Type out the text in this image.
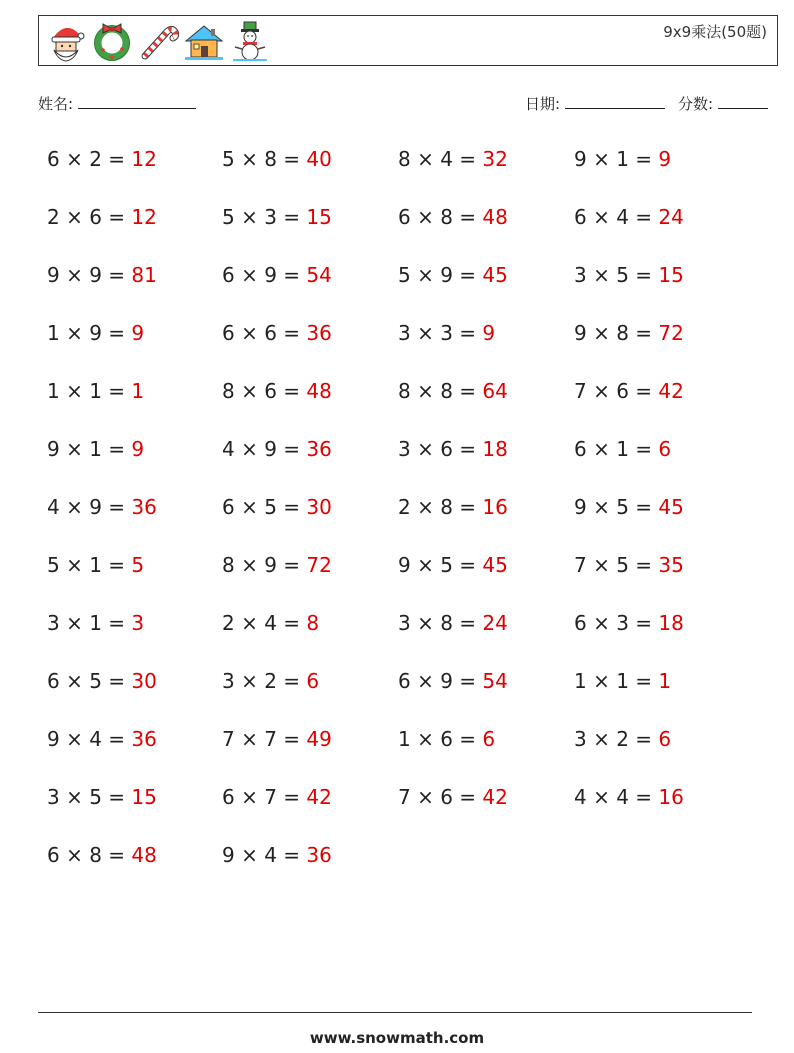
9x9乘法(50题)
姓名:	日期:	分数:
6 × 2 = 12
2 × 6 = 12
9 × 9 = 81
1 × 9 = 9
1 × 1 = 1
9 × 1 = 9
4 × 9 = 36
5 × 1 = 5
3 × 1 = 3
6 × 5 = 30
9 × 4 = 36
3 × 5 = 15
6 × 8 = 48
5 × 8 = 40
5 × 3 = 15
6 × 9 = 54
6 × 6 = 36
8 × 6 = 48
4 × 9 = 36
6 × 5 = 30
8 × 9 = 72
2 × 4 = 8
3 × 2 = 6
7 × 7 = 49
6 × 7 = 42
9 × 4 = 36
8 × 4 = 32
6 × 8 = 48
5 × 9 = 45
3 × 3 = 9
8 × 8 = 64
3 × 6 = 18
2 × 8 = 16
9 × 5 = 45
3 × 8 = 24
6 × 9 = 54
1 × 6 = 6
7 × 6 = 42
9 × 1 = 9
6 × 4 = 24
3 × 5 = 15
9 × 8 = 72
7 × 6 = 42
6 × 1 = 6
9 × 5 = 45
7 × 5 = 35
6 × 3 = 18
1 × 1 = 1
3 × 2 = 6
4 × 4 = 16
www.snowmath.com
